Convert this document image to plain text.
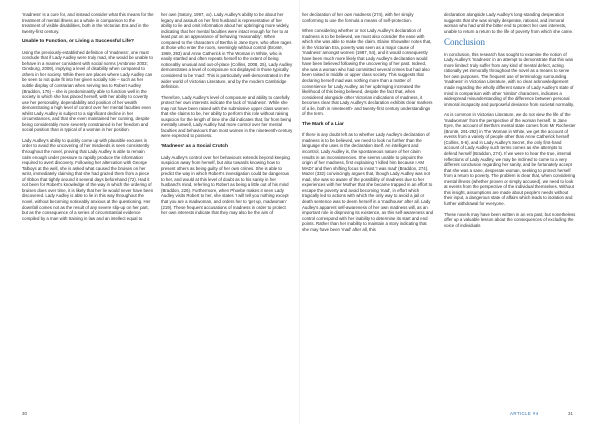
'madness' is a cure for, and instead consider what this means for the treatment of mental illness as a whole in comparison to the treatment of visible disabilities, both in the Victorian Era and in the twenty-first century.

Unable to Function, or Living a Successful Life?

Using the previously-established definition of 'madness', one must conclude that if Lady Audley were truly mad, she would be unable to behave in a manner consistent with social norms (Ambrose 2003; Ginsburg, 2009), implying a level of disability when compared to others in her society. While there are places where Lady Audley can be seen to not quite fit into her given socially role – such as her subtle display of contrarian when serving tea to Robert Audley (Braddon, 176) – she is predominantly able to function well in the society in which she has placed herself, with her ability to covertly use her personality, dependability and position of her wealth demonstrating a high level of control over her mental faculties even whilst Lady Audley is subject to a significant decline in her circumstances, and that she even maintained her cunning, despite being considerably more severely constrained in her freedom and social position than is typical of a woman in her position.

Lady Audley's ability to quickly come up with plausible excuses in order to avoid the uncovering of her misdeeds is seen consistently throughout the novel, proving that Lady Audley is able to remain calm enough under pressure to rapidly produce the information required to avert discovery. Following her altercation with George Talboys at the well, she is asked what caused the bruises on her wrist, immediately claiming that she had grazed them from a piece of ribbon that tightly around it several days beforehand (72). Had it not been for Robert's knowledge of the way in which the ordering of bruises does over time, it is likely that her lie would never have been discovered. Lady Audley is able to lie in this way throughout the novel, without becoming noticeably anxious at the questioning. Her downfall comes not as the result of any severe slip-up on her part, but as the consequence of a series of circumstantial evidence compiled by a man with training in law and an intellect equal to

her own (Satory, 1997, xx). Lady Audley's ability to be about her legacy and assault on her first husband is representative of her ability to lie and omit information about her upbringing more widely, indicating that her mental faculties were intact enough for her to at least put on an appearance of behaving 'reasonably'. When compared to the characters of Bertha in Jane Eyre, who often rages at those who enter the room, seemingly without control (Brontë, 1969, 293) and Anne Catherick in The Woman in White, who is easily startled and often repeats herself to the extent of being noticeably unusual and out-of-place (Collins, 2008, 25), Lady Audley demonstrates a level of composure not displayed in those typically considered to be 'mad'. This is particularly well-demonstrated in the wider world of Victorian Literature, and by the modern Cambridge definition.

Therefore, Lady Audley's level of composure and ability to carefully protect her own interests indicate the lack of 'madness'. While she may not have been raised with the submissive upper class women that she claims to be, her ability to perform this role without raising suspicion for the length of time she did indicates that, far from being mentally unwell, Lady Audley had more control over her mental faculties and behaviours than most women in the nineteenth-century were expected to possess.

'Madness' as a Social Crutch

Lady Audley's control over her behaviours extends beyond keeping suspicion away from herself, but also towards knowing how to present others as being guilty of her own crimes. She is able to predict the way in which Robert's investigation could be dangerous to her, and would at this level of doubt as to his sanity in her husband's mind, referring to Robert as being a little out of his mind (Braddon, 226). Furthermore, when Phoebe makes it seen Lady Audley visits Robert to her, she states 'I will tell you nothing except that you are a madwoman, and orders her to 'get up, madwoman' (219). These frequent accusations of madness in order to protect her own interests indicate that they may also be the aim of

her declaration of her own madness (274), with her simply conforming to use the formula a means of self-protection.

When considering whether or not Lady Audley's declaration of madness is to be believed, we must also consider the ease with which she was able to make the claim. Elaine Showalter notes that, in the Victorian Era, poverty was seen as a major cause of 'madness' amongst women (1987, 54), and it would consequently have been much more likely that Lady Audley's declaration would have been believed following the uncovering of her past. Indeed, she was a woman who had committed several crimes but had also been raised in middle or upper class society. This suggests that declaring herself mad was nothing more than a matter of convenience for Lady Audley, as her upbringing increased the likelihood of this being believed, despite the fact that, when considered alongside other Victorian indications of madness, it becomes clear that Lady Audley's declaration exhibits clear markers of a lie, both in nineteenth- and twenty-first century understandings of the term.

The Mark of a Liar

If there is any doubt left as to whether Lady Audley's declaration of madness is to be believed, we need to look no further than the language she uses in the declaration itself. An intelligent and incontrol, Lady Audley is, the spontaneous nature of her claim results in an inconsistencies. She seems unable to pinpoint the origin of her madness, first explaining 'I killed him because I AM MAD!' and then shifting focus to insist 'I was mad' (Braddon, 274). Mazer (332) convincingly argues that, though Lady Audley was not mad, she was so aware of the possibility of madness due to her experiences with her Mother that she became trapped in an effort to escape the poverty and avoid becoming 'mad', in effort which tragically led to actions with which the only way to avoid a jail or death sentence was to deem herself in a 'madhouse' after all. Lady Audley's apparent self-awareness of her own madness will, as an important role in disproving its existence, as this self-awareness and control correspond with her inability to determine its start and end points. Rather than her inability to maintain a story indicating that she may have been 'mad' after all, this

declaration alongside Lady Audley's long-standing desperation suggests that she was simply desperate, rational, and immoral woman who had until the bitter end to protect her own interests, unable to return a return to the life of poverty from which she came.

Conclusion

In conclusion, this research has sought to examine the notion of Lady Audley's 'madness' in an attempt to demonstrate that this was more limited: truly suffer from any kind of mental defect, acting rationally yet immorally throughout the novel as a means to serve her own purposes. The frequent use of terminology surrounding 'madness' in Victorian Literature, with no clear acknowledgement made regarding the wholly different nature of Lady Audley's state of mind in comparison with other 'similar' characters, indicates a widespread misunderstanding of the difference between personal immoral incapacity and purposeful deviance from societal normality.

As is common in Victorian Literature, we do not view the life of the 'madwoman' from the perspective of the woman herself. In Jane Eyre, the account of Bertha's mental state comes from Mr Rochester (Brontë, 291-292) in The Woman in White, we get the account of events from a variety of people other than Anne Catherick herself (Collins, 5-6), and in Lady Audley's Secret, the only first-hand account of Lady Audley such terms comes as she attempts to defend herself (Braddon, 274). If we were to hear the true, internal reflections of Lady Audley, we may be inclined to come to a very different conclusion regarding her sanity, and be fortunately accept that she was a sane, desperate woman, seeking to protect herself from a return to poverty. The problem is clear that, when considering mental illness (whether proven or simply accused), we need to look at events from the perspective of the individual themselves. Without this insight, assumptions are made about people's needs without their input, a dangerous state of affairs which leads to isolation and further withdrawal for everyone.

These novels may have been written in an era past, but nonetheless offer up a valuable lesson about the consequences of excluding the voice of individuals

30	ARTICLE #4	31
